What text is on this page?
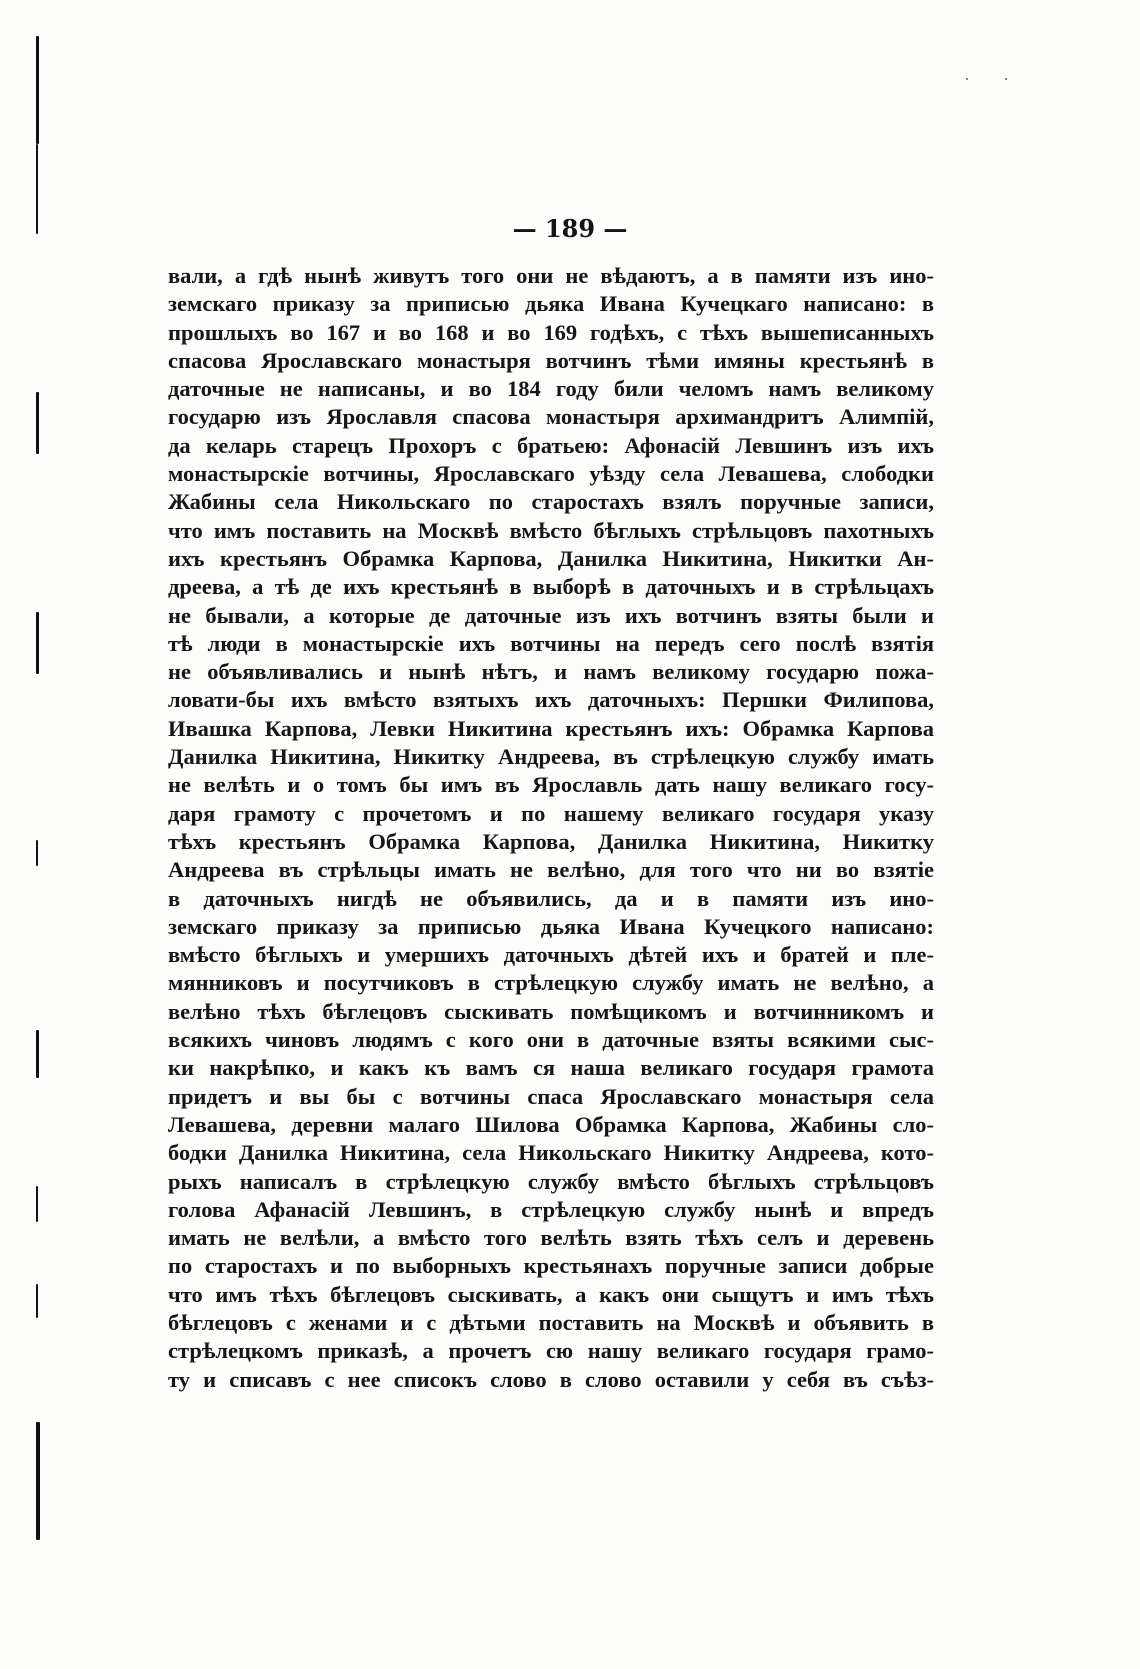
— 189 —
вали, а гдѣ нынѣ живутъ того они не вѣдаютъ, а в памяти изъ ино-
земскаго приказу за приписью дьяка Ивана Кучецкаго написано: в
прошлыхъ во 167 и во 168 и во 169 годѣхъ, с тѣхъ вышеписанныхъ
спасова Ярославскаго монастыря вотчинъ тѣми имяны крестьянѣ в
даточные не написаны, и во 184 году били челомъ намъ великому
государю изъ Ярославля спасова монастыря архимандритъ Алимпій,
да келарь старецъ Прохоръ с братьею: Афонасій Левшинъ изъ ихъ
монастырскіе вотчины, Ярославскаго уѣзду села Левашева, слободки
Жабины села Никольскаго по старостахъ взялъ поручные записи,
что имъ поставить на Москвѣ вмѣсто бѣглыхъ стрѣльцовъ пахотныхъ
ихъ крестьянъ Обрамка Карпова, Данилка Никитина, Никитки Ан-
дреева, а тѣ де ихъ крестьянѣ в выборѣ в даточныхъ и в стрѣльцахъ
не бывали, а которые де даточные изъ ихъ вотчинъ взяты были и
тѣ люди в монастырскіе ихъ вотчины на передъ сего послѣ взятія
не объявливались и нынѣ нѣтъ, и намъ великому государю пожа-
ловати-бы ихъ вмѣсто взятыхъ ихъ даточныхъ: Першки Филипова,
Ивашка Карпова, Левки Никитина крестьянъ ихъ: Обрамка Карпова
Данилка Никитина, Никитку Андреева, въ стрѣлецкую службу имать
не велѣть и о томъ бы имъ въ Ярославль дать нашу великаго госу-
даря грамоту с прочетомъ и по нашему великаго государя указу
тѣхъ крестьянъ Обрамка Карпова, Данилка Никитина, Никитку
Андреева въ стрѣльцы имать не велѣно, для того что ни во взятіе
в даточныхъ нигдѣ не объявились, да и в памяти изъ ино-
земскаго приказу за приписью дьяка Ивана Кучецкого написано:
вмѣсто бѣглыхъ и умершихъ даточныхъ дѣтей ихъ и братей и пле-
мянниковъ и посутчиковъ в стрѣлецкую службу имать не велѣно, а
велѣно тѣхъ бѣглецовъ сыскивать помѣщикомъ и вотчинникомъ и
всякихъ чиновъ людямъ с кого они в даточные взяты всякими сыс-
ки накрѣпко, и какъ къ вамъ ся наша великаго государя грамота
придетъ и вы бы с вотчины спаса Ярославскаго монастыря села
Левашева, деревни малаго Шилова Обрамка Карпова, Жабины сло-
бодки Данилка Никитина, села Никольскаго Никитку Андреева, кото-
рыхъ написалъ в стрѣлецкую службу вмѣсто бѣглыхъ стрѣльцовъ
голова Афанасій Левшинъ, в стрѣлецкую службу нынѣ и впредъ
имать не велѣли, а вмѣсто того велѣть взять тѣхъ селъ и деревень
по старостахъ и по выборныхъ крестьянахъ поручные записи добрые
что имъ тѣхъ бѣглецовъ сыскивать, а какъ они сыщутъ и имъ тѣхъ
бѣглецовъ с женами и с дѣтьми поставить на Москвѣ и объявить в
стрѣлецкомъ приказѣ, а прочетъ сю нашу великаго государя грамо-
ту и списавъ с нее списокъ слово в слово оставили у себя въ съѣз-
